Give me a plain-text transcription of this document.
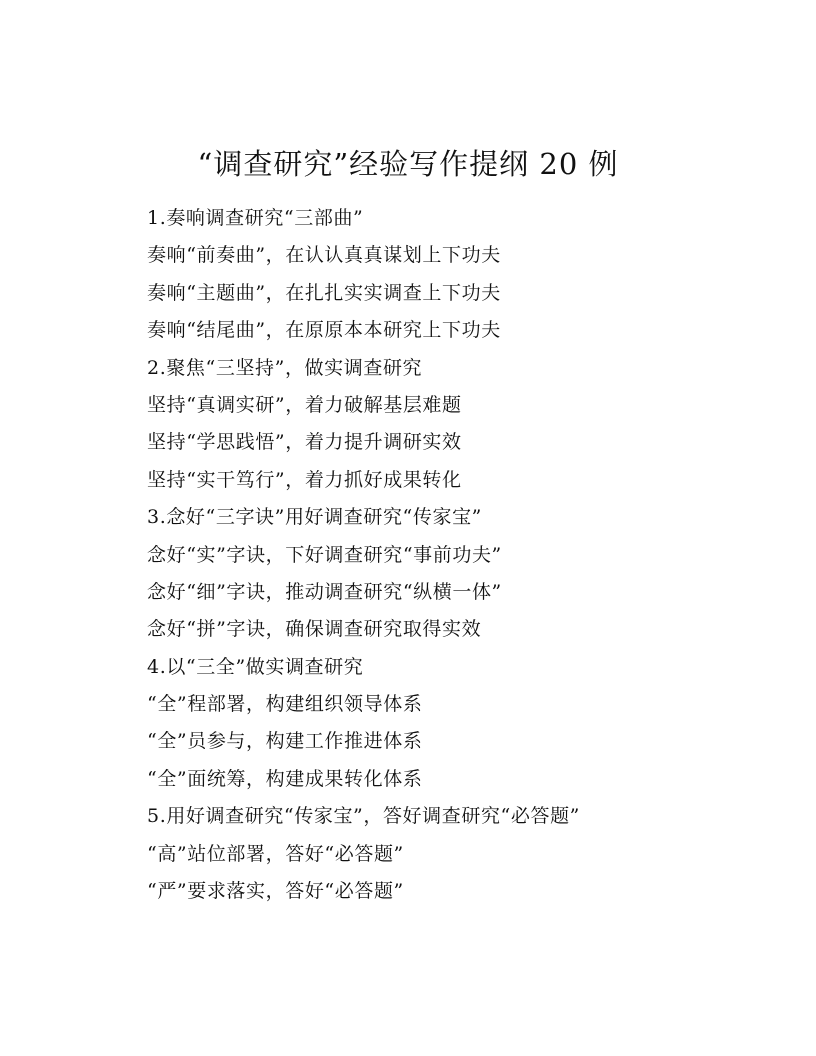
“调查研究”经验写作提纲 20 例
1.奏响调查研究“三部曲”
奏响“前奏曲”，在认认真真谋划上下功夫
奏响“主题曲”，在扎扎实实调查上下功夫
奏响“结尾曲”，在原原本本研究上下功夫
2.聚焦“三坚持”，做实调查研究
坚持“真调实研”，着力破解基层难题
坚持“学思践悟”，着力提升调研实效
坚持“实干笃行”，着力抓好成果转化
3.念好“三字诀”用好调查研究“传家宝”
念好“实”字诀，下好调查研究“事前功夫”
念好“细”字诀，推动调查研究“纵横一体”
念好“拼”字诀，确保调查研究取得实效
4.以“三全”做实调查研究
“全”程部署，构建组织领导体系
“全”员参与，构建工作推进体系
“全”面统筹，构建成果转化体系
5.用好调查研究“传家宝”，答好调查研究“必答题”
“高”站位部署，答好“必答题”
“严”要求落实，答好“必答题”
